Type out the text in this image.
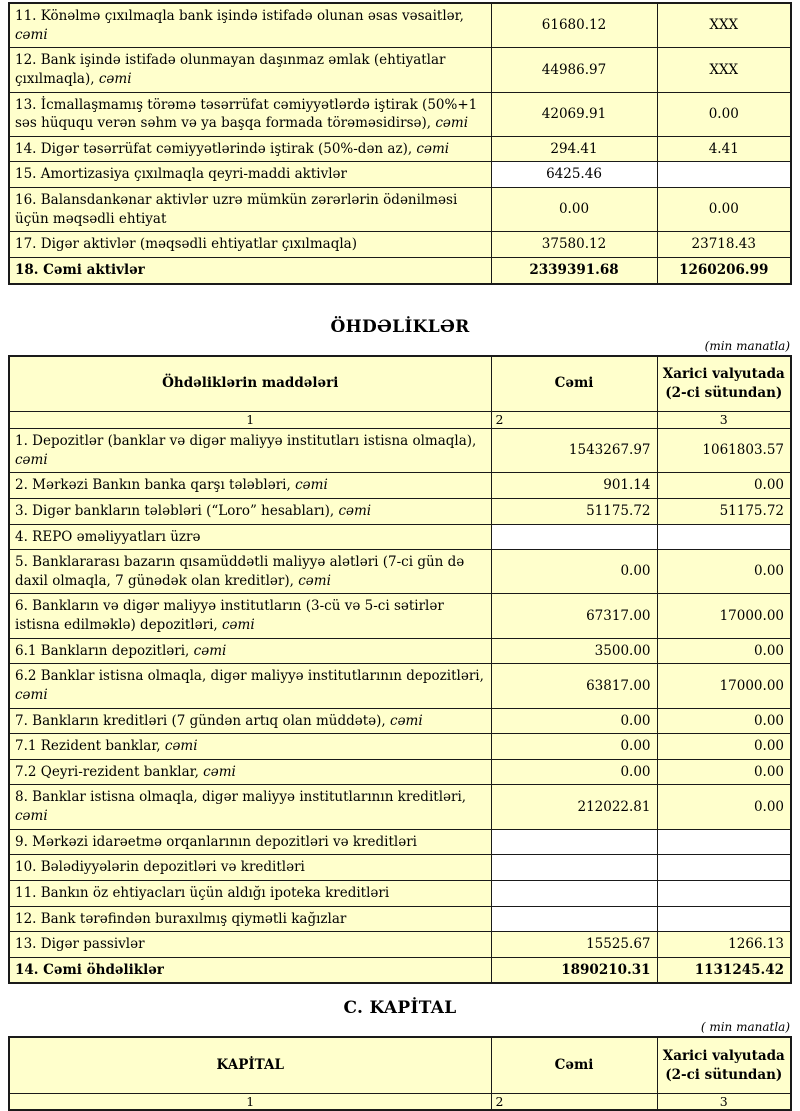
11. Könəlmə çıxılmaqla bank işində istifadə olunan əsas vəsaitlər, cəmi	61680.12	XXX
12. Bank işində istifadə olunmayan daşınmaz əmlak (ehtiyatlar çıxılmaqla), cəmi	44986.97	XXX
13. İcmallaşmamış törəmə təsərrüfat cəmiyyətlərdə iştirak (50%+1 səs hüququ verən səhm və ya başqa formada törəməsidirsə), cəmi	42069.91	0.00
14. Digər təsərrüfat cəmiyyətlərində iştirak (50%-dən az), cəmi	294.41	4.41
15. Amortizasiya çıxılmaqla qeyri-maddi aktivlər	6425.46	
16. Balansdankənar aktivlər uzrə mümkün zərərlərin ödənilməsi üçün məqsədli ehtiyat	0.00	0.00
17. Digər aktivlər (məqsədli ehtiyatlar çıxılmaqla)	37580.12	23718.43
18. Cəmi aktivlər	2339391.68	1260206.99
ÖHDƏLİKLƏR
(min manatla)
Öhdəliklərin maddələri	Cəmi	Xarici valyutada (2-ci sütundan)
1	2	3
1. Depozitlər (banklar və digər maliyyə institutları istisna olmaqla), cəmi	1543267.97	1061803.57
2. Mərkəzi Bankın banka qarşı tələbləri, cəmi	901.14	0.00
3. Digər bankların tələbləri (“Loro” hesabları), cəmi	51175.72	51175.72
4. REPO əməliyyatları üzrə		
5. Banklararası bazarın qısamüddətli maliyyə alətləri (7-ci gün də daxil olmaqla, 7 günədək olan kreditlər), cəmi	0.00	0.00
6. Bankların və digər maliyyə institutların (3-cü və 5-ci sətirlər istisna edilməklə) depozitləri, cəmi	67317.00	17000.00
6.1 Bankların depozitləri, cəmi	3500.00	0.00
6.2 Banklar istisna olmaqla, digər maliyyə institutlarının depozitləri, cəmi	63817.00	17000.00
7. Bankların kreditləri (7 gündən artıq olan müddətə), cəmi	0.00	0.00
7.1 Rezident banklar, cəmi	0.00	0.00
7.2 Qeyri-rezident banklar, cəmi	0.00	0.00
8. Banklar istisna olmaqla, digər maliyyə institutlarının kreditləri, cəmi	212022.81	0.00
9. Mərkəzi idarəetmə orqanlarının depozitləri və kreditləri		
10. Bələdiyyələrin depozitləri və kreditləri		
11. Bankın öz ehtiyacları üçün aldığı ipoteka kreditləri		
12. Bank tərəfindən buraxılmış qiymətli kağızlar		
13. Digər passivlər	15525.67	1266.13
14. Cəmi öhdəliklər	1890210.31	1131245.42
C. KAPİTAL
( min manatla)
KAPİTAL	Cəmi	Xarici valyutada (2-ci sütundan)
1	2	3
